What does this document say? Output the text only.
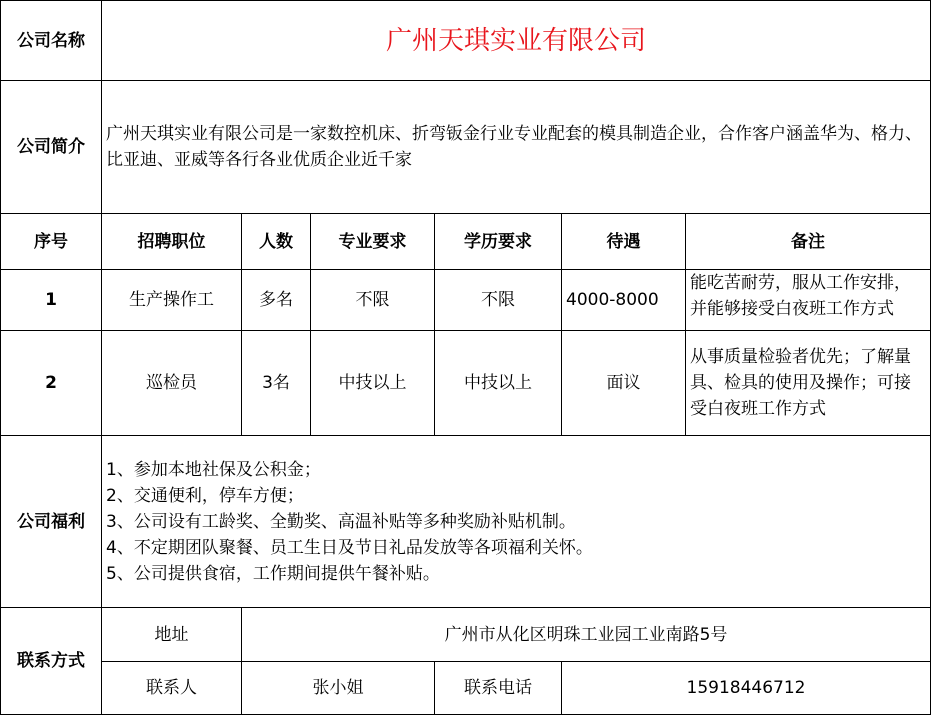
公司名称	广州天琪实业有限公司					
公司简介	广州天琪实业有限公司是一家数控机床、折弯钣金行业专业配套的模具制造企业，合作客户涵盖华为、格力、比亚迪、亚威等各行各业优质企业近千家					
序号	招聘职位	人数	专业要求	学历要求	待遇	备注
1	生产操作工	多名	不限	不限	4000-8000	能吃苦耐劳，服从工作安排，并能够接受白夜班工作方式

2	巡检员	3名	中技以上	中技以上	面议	从事质量检验者优先；了解量具、检具的使用及操作；可接受白夜班工作方式
公司福利	1、参加本地社保及公积金；
2、交通便利，停车方便；
3、公司设有工龄奖、全勤奖、高温补贴等多种奖励补贴机制。
4、不定期团队聚餐、员工生日及节日礼品发放等各项福利关怀。
5、公司提供食宿，工作期间提供午餐补贴。					

联系方式	地址	广州市从化区明珠工业园工业南路5号				
	联系人	张小姐		联系电话	15918446712	
